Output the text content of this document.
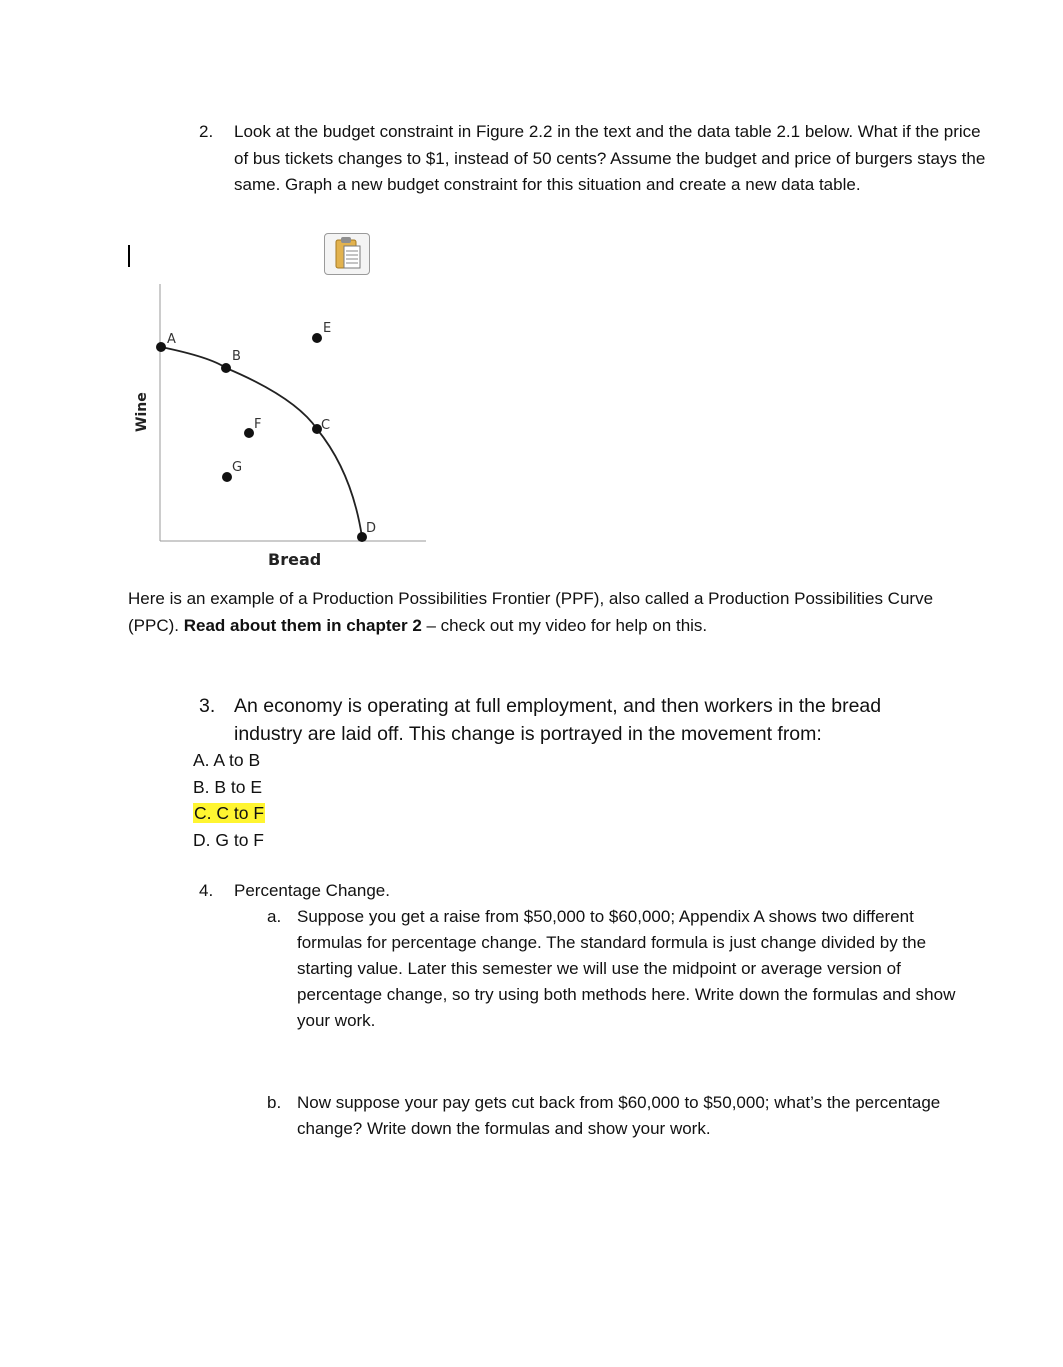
2. Look at the budget constraint in Figure 2.2 in the text and the data table 2.1 below. What if the price of bus tickets changes to $1, instead of 50 cents? Assume the budget and price of burgers stays the same. Graph a new budget constraint for this situation and create a new data table.
A
B
C
D
E
F
G
Bread
Wine
Here is an example of a Production Possibilities Frontier (PPF), also called a Production Possibilities Curve (PPC). Read about them in chapter 2 – check out my video for help on this.
3. An economy is operating at full employment, and then workers in the bread industry are laid off. This change is portrayed in the movement from:
A. A to B
B. B to E
C. C to F
D. G to F
4. Percentage Change.
a. Suppose you get a raise from $50,000 to $60,000; Appendix A shows two different formulas for percentage change. The standard formula is just change divided by the starting value. Later this semester we will use the midpoint or average version of percentage change, so try using both methods here. Write down the formulas and show your work.
b. Now suppose your pay gets cut back from $60,000 to $50,000; what’s the percentage change? Write down the formulas and show your work.
